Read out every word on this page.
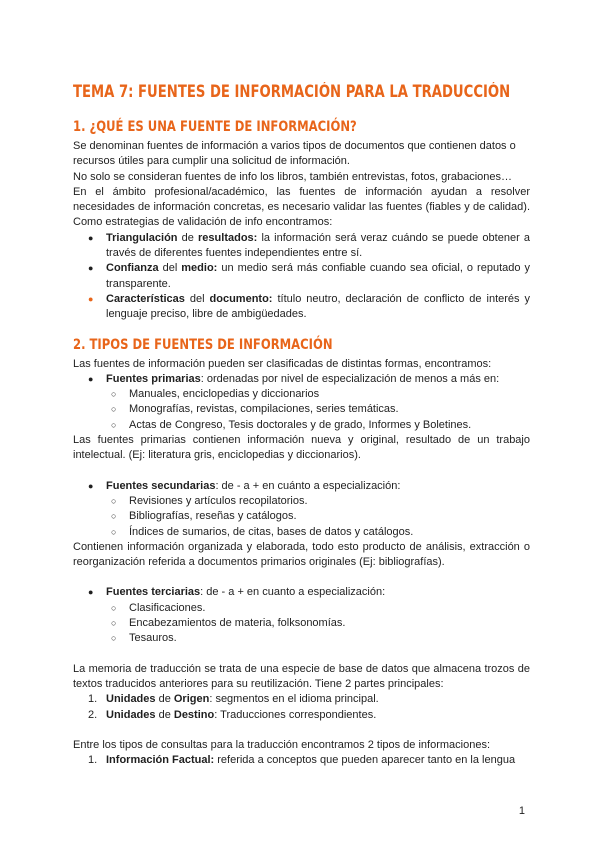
TEMA 7: FUENTES DE INFORMACIÓN PARA LA TRADUCCIÓN
1. ¿QUÉ ES UNA FUENTE DE INFORMACIÓN?

Se denominan fuentes de información a varios tipos de documentos que contienen datos o recursos útiles para cumplir una solicitud de información.

No solo se consideran fuentes de info los libros, también entrevistas, fotos, grabaciones…

En el ámbito profesional/académico, las fuentes de información ayudan a resolver necesidades de información concretas, es necesario validar las fuentes (fiables y de calidad). Como estrategias de validación de info encontramos:

● Triangulación de resultados: la información será veraz cuándo se puede obtener a través de diferentes fuentes independientes entre sí.
● Confianza del medio: un medio será más confiable cuando sea oficial, o reputado y transparente.
● Características del documento: título neutro, declaración de conflicto de interés y lenguaje preciso, libre de ambigüedades.
2. TIPOS DE FUENTES DE INFORMACIÓN

Las fuentes de información pueden ser clasificadas de distintas formas, encontramos:

● Fuentes primarias: ordenadas por nivel de especialización de menos a más en:
○ Manuales, enciclopedias y diccionarios
○ Monografías, revistas, compilaciones, series temáticas.
○ Actas de Congreso, Tesis doctorales y de grado, Informes y Boletines.

Las fuentes primarias contienen información nueva y original, resultado de un trabajo intelectual. (Ej: literatura gris, enciclopedias y diccionarios).

● Fuentes secundarias: de - a + en cuánto a especialización:
○ Revisiones y artículos recopilatorios.
○ Bibliografías, reseñas y catálogos.
○ Índices de sumarios, de citas, bases de datos y catálogos.

Contienen información organizada y elaborada, todo esto producto de análisis, extracción o reorganización referida a documentos primarios originales (Ej: bibliografías).

● Fuentes terciarias: de - a + en cuanto a especialización:
○ Clasificaciones.
○ Encabezamientos de materia, folksonomías.
○ Tesauros.

La memoria de traducción se trata de una especie de base de datos que almacena trozos de textos traducidos anteriores para su reutilización. Tiene 2 partes principales:

1. Unidades de Origen: segmentos en el idioma principal.
2. Unidades de Destino: Traducciones correspondientes.

Entre los tipos de consultas para la traducción encontramos 2 tipos de informaciones:

1. Información Factual: referida a conceptos que pueden aparecer tanto en la lengua
1
